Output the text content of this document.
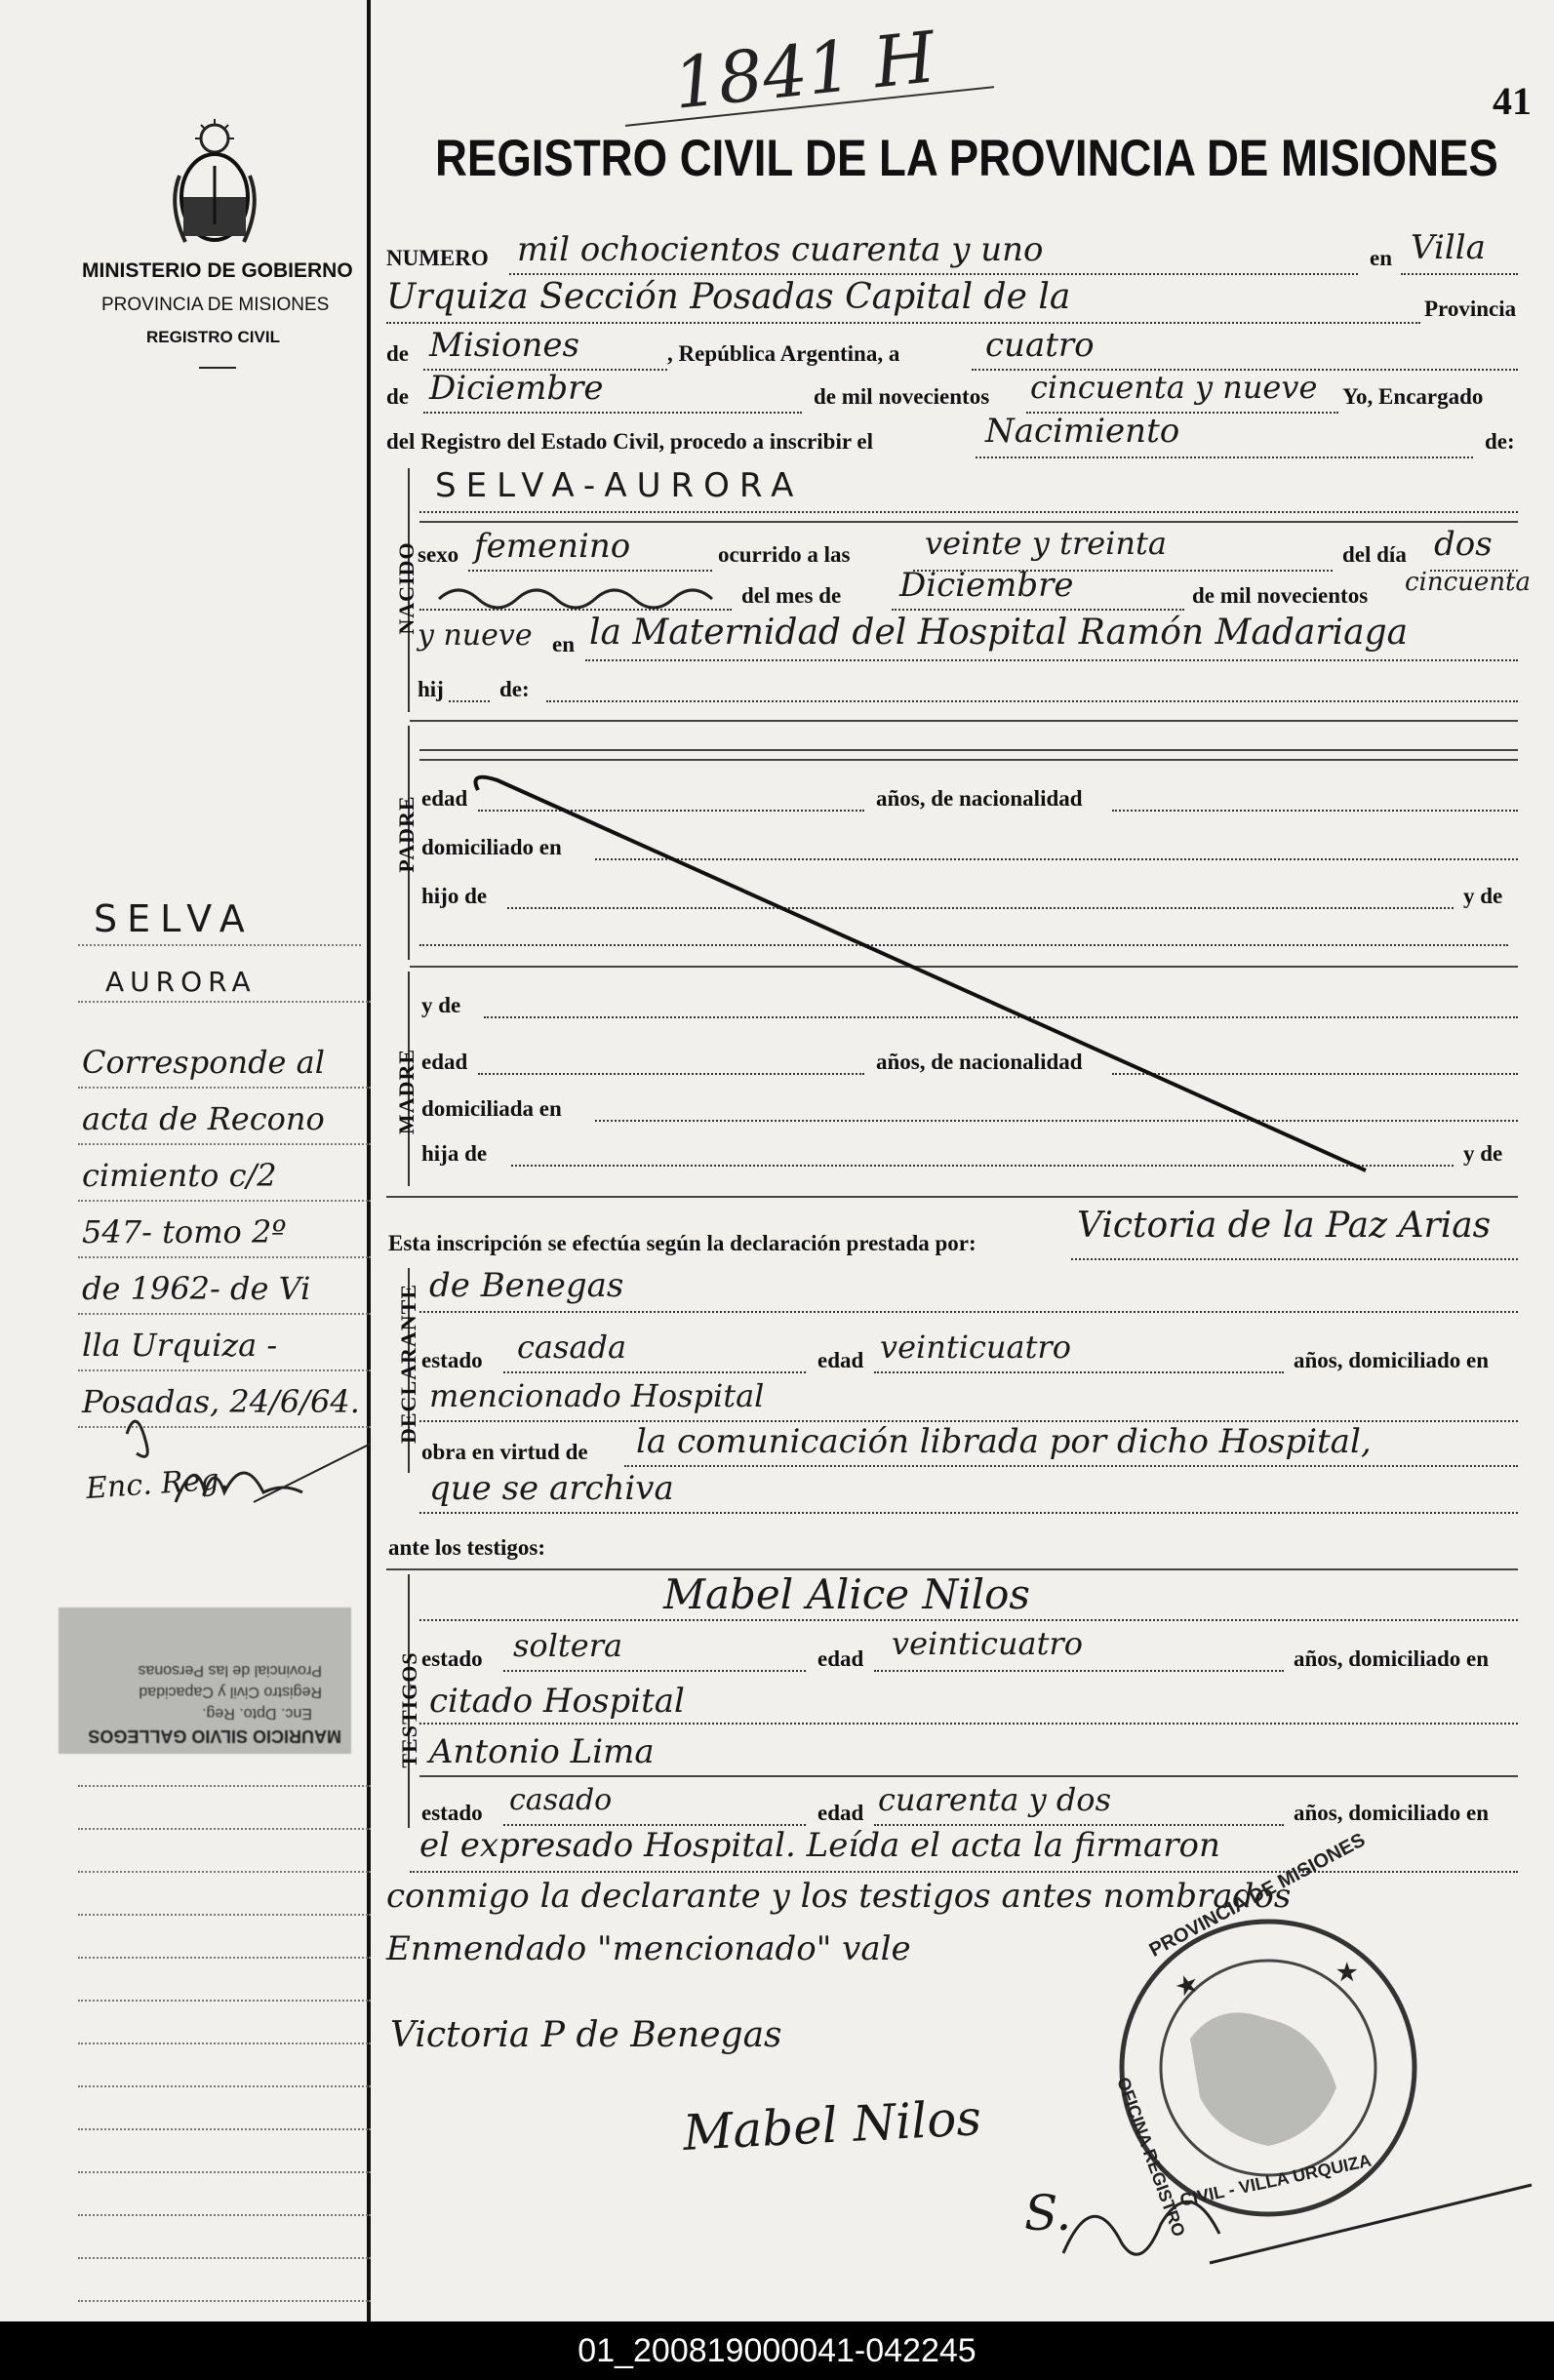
MINISTERIO DE GOBIERNO
PROVINCIA DE MISIONES
REGISTRO CIVIL
SELVA
AURORA
Corresponde al
acta de Recono
cimiento c/2
547- tomo 2º
de 1962- de Vi
lla Urquiza -
Posadas, 24/6/64.
Enc. Reg.
MAURICIO SILVIO GALLEGOS
Enc. Dpto. Reg.
Registro Civil y Capacidad
Provincial de las Personas
1841 H	41
REGISTRO CIVIL DE LA PROVINCIA DE MISIONES
NUMERO mil ochocientos cuarenta y uno	en Villa
Urquiza Sección Posadas Capital de la	Provincia
de Misiones	, República Argentina, a	cuatro
de Diciembre	de mil novecientos cincuenta y nueve Yo, Encargado
del Registro del Estado Civil, procedo a inscribir el	Nacimiento	de:
NACIDO
SELVA-AURORA
sexo femenino	ocurrido a las veinte y treinta	del día dos
del mes de Diciembre	de mil novecientos cincuenta
y nueve en la Maternidad del Hospital Ramón Madariaga
hij de:
PADRE edad	años, de nacionalidad
domiciliado en
hijo de	y de
MADRE
y de
edad	años, de nacionalidad
domiciliada en
hija de	y de
Esta inscripción se efectúa según la declaración prestada por:	Victoria de la Paz Arias
DECLARANTE de Benegas
estado casada	edad veinticuatro	años, domiciliado en
mencionado Hospital
obra en virtud de la comunicación librada por dicho Hospital,
que se archiva
ante los testigos:
TESTIGOS
Mabel Alice Nilos
estado soltera	edad veinticuatro	años, domiciliado en
citado Hospital
Antonio Lima
estado casado	edad cuarenta y dos	años, domiciliado en
el expresado Hospital. Leída el acta la firmaron
conmigo la declarante y los testigos antes nombrados
Enmendado "mencionado" vale
Victoria P de Benegas
Mabel Nilos
S.
★	★
PROVINCIA DE MISIONES
OFICINA REGISTRO
CIVIL - VILLA URQUIZA
01_200819000041-042245
